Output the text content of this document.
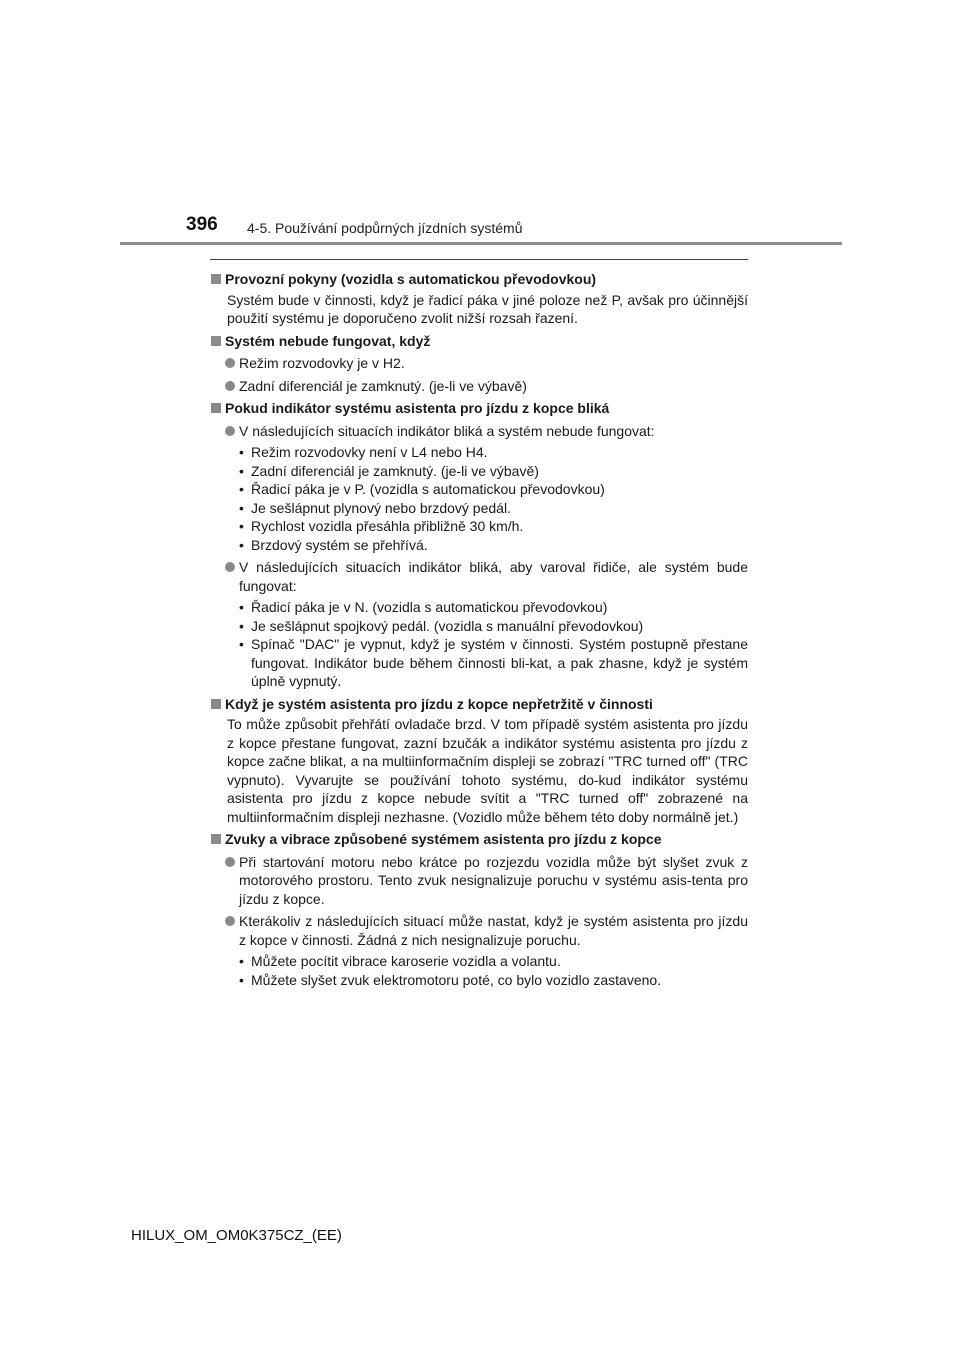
396 4-5. Používání podpůrných jízdních systémů
Provozní pokyny (vozidla s automatickou převodovkou)
Systém bude v činnosti, když je řadicí páka v jiné poloze než P, avšak pro účinnější použití systému je doporučeno zvolit nižší rozsah řazení.
Systém nebude fungovat, když
Režim rozvodovky je v H2.
Zadní diferenciál je zamknutý. (je-li ve výbavě)
Pokud indikátor systému asistenta pro jízdu z kopce bliká
V následujících situacích indikátor bliká a systém nebude fungovat:
• Režim rozvodovky není v L4 nebo H4.
• Zadní diferenciál je zamknutý. (je-li ve výbavě)
• Řadicí páka je v P. (vozidla s automatickou převodovkou)
• Je sešlápnut plynový nebo brzdový pedál.
• Rychlost vozidla přesáhla přibližně 30 km/h.
• Brzdový systém se přehřívá.
V následujících situacích indikátor bliká, aby varoval řidiče, ale systém bude fungovat:
• Řadicí páka je v N. (vozidla s automatickou převodovkou)
• Je sešlápnut spojkový pedál. (vozidla s manuální převodovkou)
• Spínač "DAC" je vypnut, když je systém v činnosti. Systém postupně přestane fungovat. Indikátor bude během činnosti bli-kat, a pak zhasne, když je systém úplně vypnutý.
Když je systém asistenta pro jízdu z kopce nepřetržitě v činnosti
To může způsobit přehřátí ovladače brzd. V tom případě systém asistenta pro jízdu z kopce přestane fungovat, zazní bzučák a indikátor systému asistenta pro jízdu z kopce začne blikat, a na multiinformačním displeji se zobrazí "TRC turned off" (TRC vypnuto). Vyvarujte se používání tohoto systému, do-kud indikátor systému asistenta pro jízdu z kopce nebude svítit a "TRC turned off" zobrazené na multiinformačním displeji nezhasne. (Vozidlo může během této doby normálně jet.)
Zvuky a vibrace způsobené systémem asistenta pro jízdu z kopce
Při startování motoru nebo krátce po rozjezdu vozidla může být slyšet zvuk z motorového prostoru. Tento zvuk nesignalizuje poruchu v systému asis-tenta pro jízdu z kopce.
Kterákoliv z následujících situací může nastat, když je systém asistenta pro jízdu z kopce v činnosti. Žádná z nich nesignalizuje poruchu.
• Můžete pocítit vibrace karoserie vozidla a volantu.
• Můžete slyšet zvuk elektromotoru poté, co bylo vozidlo zastaveno.
HILUX_OM_OM0K375CZ_(EE)
